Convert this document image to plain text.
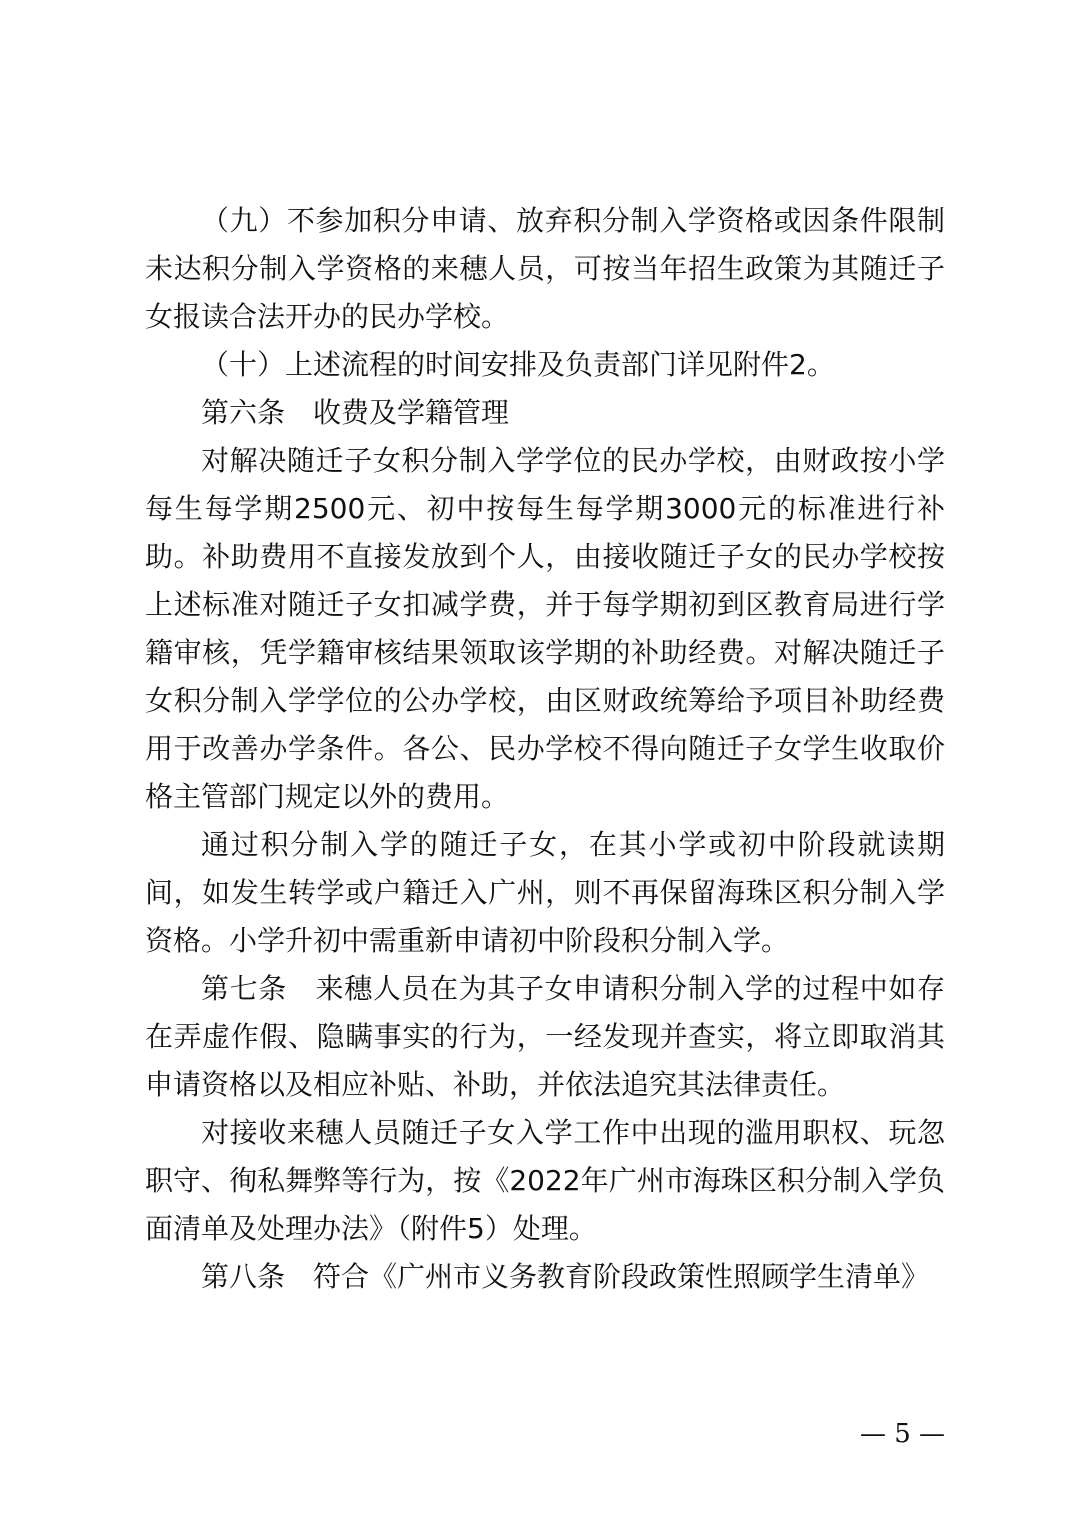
（九）不参加积分申请、放弃积分制入学资格或因条件限制未达积分制入学资格的来穗人员，可按当年招生政策为其随迁子女报读合法开办的民办学校。

（十）上述流程的时间安排及负责部门详见附件2。

第六条　收费及学籍管理

对解决随迁子女积分制入学学位的民办学校，由财政按小学每生每学期2500元、初中按每生每学期3000元的标准进行补助。补助费用不直接发放到个人，由接收随迁子女的民办学校按上述标准对随迁子女扣减学费，并于每学期初到区教育局进行学籍审核，凭学籍审核结果领取该学期的补助经费。对解决随迁子女积分制入学学位的公办学校，由区财政统筹给予项目补助经费用于改善办学条件。各公、民办学校不得向随迁子女学生收取价格主管部门规定以外的费用。

通过积分制入学的随迁子女，在其小学或初中阶段就读期间，如发生转学或户籍迁入广州，则不再保留海珠区积分制入学资格。小学升初中需重新申请初中阶段积分制入学。

第七条　来穗人员在为其子女申请积分制入学的过程中如存在弄虚作假、隐瞒事实的行为，一经发现并查实，将立即取消其申请资格以及相应补贴、补助，并依法追究其法律责任。

对接收来穗人员随迁子女入学工作中出现的滥用职权、玩忽职守、徇私舞弊等行为，按《2022年广州市海珠区积分制入学负面清单及处理办法》（附件5）处理。

第八条　符合《广州市义务教育阶段政策性照顾学生清单》

— 5 —
